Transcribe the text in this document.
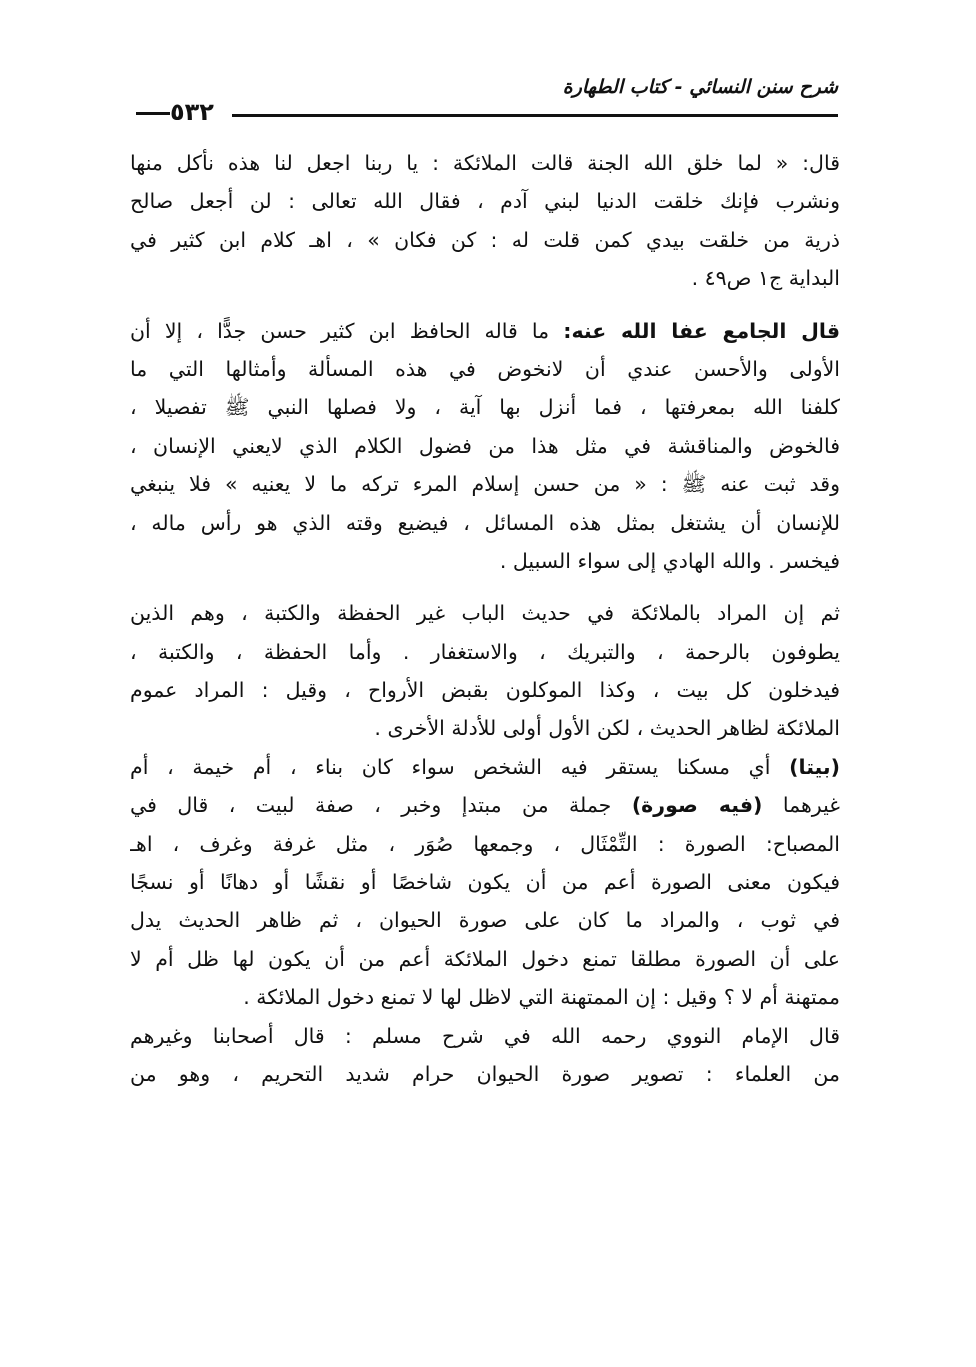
شرح سنن النسائي - كتاب الطهارة
٥٣٢
قال: « لما خلق الله الجنة قالت الملائكة : يا ربنا اجعل لنا هذه نأكل منها
ونشرب فإنك خلقت الدنيا لبني آدم ، فقال الله تعالى : لن أجعل صالح
ذرية من خلقت بيدي كمن قلت له : كن فكان » ، اهـ كلام ابن كثير في
البداية ج١ ص٤٩ .
قال الجامع عفا الله عنه: ما قاله الحافظ ابن كثير حسن جدًّا ، إلا أن
الأولى والأحسن عندي أن لانخوض في هذه المسألة وأمثالها التي ما
كلفنا الله بمعرفتها ، فما أنزل بها آية ، ولا فصلها النبي ﷺ تفصيلا ،
فالخوض والمناقشة في مثل هذا من فضول الكلام الذي لايعني الإنسان ،
وقد ثبت عنه ﷺ : « من حسن إسلام المرء تركه ما لا يعنيه » فلا ينبغي
للإنسان أن يشتغل بمثل هذه المسائل ، فيضيع وقته الذي هو رأس ماله ،
فيخسر . والله الهادي إلى سواء السبيل .
ثم إن المراد بالملائكة في حديث الباب غير الحفظة والكتبة ، وهم الذين
يطوفون بالرحمة ، والتبريك ، والاستغفار . وأما الحفظة ، والكتبة ،
فيدخلون كل بيت ، وكذا الموكلون بقبض الأرواح ، وقيل : المراد عموم
الملائكة لظاهر الحديث ، لكن الأول أولى للأدلة الأخرى .
(بيتا) أي مسكنا يستقر فيه الشخص سواء كان بناء ، أم خيمة ، أم
غيرهما (فيه صورة) جملة من مبتدإ وخبر ، صفة لبيت ، قال في
المصباح: الصورة : التِّمْثَال ، وجمعها صُوَر ، مثل غرفة وغرف ، اهـ
فيكون معنى الصورة أعم من أن يكون شاخصًا أو نقشًا أو دهانًا أو نسجًا
في ثوب ، والمراد ما كان على صورة الحيوان ، ثم ظاهر الحديث يدل
على أن الصورة مطلقا تمنع دخول الملائكة أعم من أن يكون لها ظل أم لا
ممتهنة أم لا ؟ وقيل : إن الممتهنة التي لاظل لها لا تمنع دخول الملائكة .
قال الإمام النووي رحمه الله في شرح مسلم : قال أصحابنا وغيرهم
من العلماء : تصوير صورة الحيوان حرام شديد التحريم ، وهو من
